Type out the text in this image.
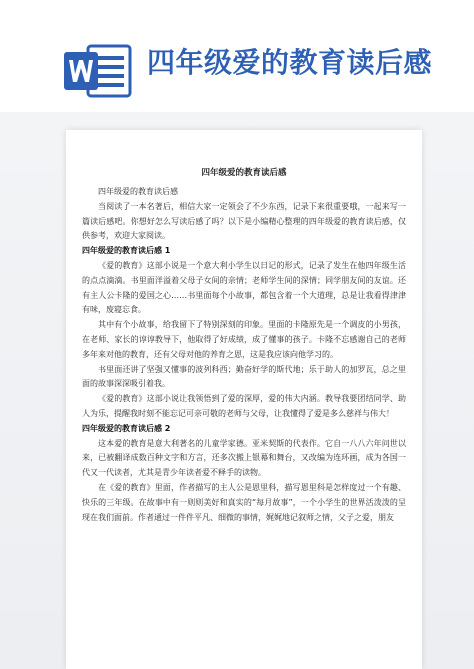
四年级爱的教育读后感
四年级爱的教育读后感

四年级爱的教育读后感

当阅读了一本名著后，相信大家一定领会了不少东西，记录下来很重要哦，一起来写一篇读后感吧。你想好怎么写读后感了吗？以下是小编精心整理的四年级爱的教育读后感，仅供参考，欢迎大家阅读。

四年级爱的教育读后感 1

《爱的教育》这部小说是一个意大利小学生以日记的形式，记录了发生在他四年级生活的点点滴滴。书里面洋溢着父母子女间的亲情；老师学生间的深情；同学朋友间的友谊。还有主人公卡隆的爱国之心……书里面每个小故事，都包含着一个大道理，总是让我看得津津有味，废寝忘食。

其中有个小故事，给我留下了特别深刻的印象。里面的卡隆原先是一个调皮的小男孩，在老师、家长的谆谆教导下，他取得了好成绩，成了懂事的孩子。卡隆不忘感谢自己的老师多年来对他的教育，还有父母对他的养育之恩，这是我应该向他学习的。

书里面还讲了坚强又懂事的波列科西；勤奋好学的斯代地；乐于助人的加罗瓦，总之里面的故事深深吸引着我。

《爱的教育》这部小说让我领悟到了爱的深厚，爱的伟大内涵。教导我要团结同学、助人为乐，提醒我时刻不能忘记可亲可敬的老师与父母，让我懂得了爱是多么慈祥与伟大！

四年级爱的教育读后感 2

这本爱的教育是意大利著名的儿童学家德。亚米契斯的代表作。它自一八八六年问世以来，已被翻译成数百种文字和方言，还多次搬上银幕和舞台，又改编为连环画，成为各国一代又一代读者，尤其是青少年读者爱不释手的读物。

在《爱的教育》里面，作者描写的主人公是恩里科，描写恩里科是怎样度过一个有趣、快乐的三年级。在故事中有一则则美好和真实的“每月故事”，一个小学生的世界活泼泼的呈现在我们面前。作者通过一件件平凡、细微的事情，娓娓地记叙师之情，父子之爱，朋友
